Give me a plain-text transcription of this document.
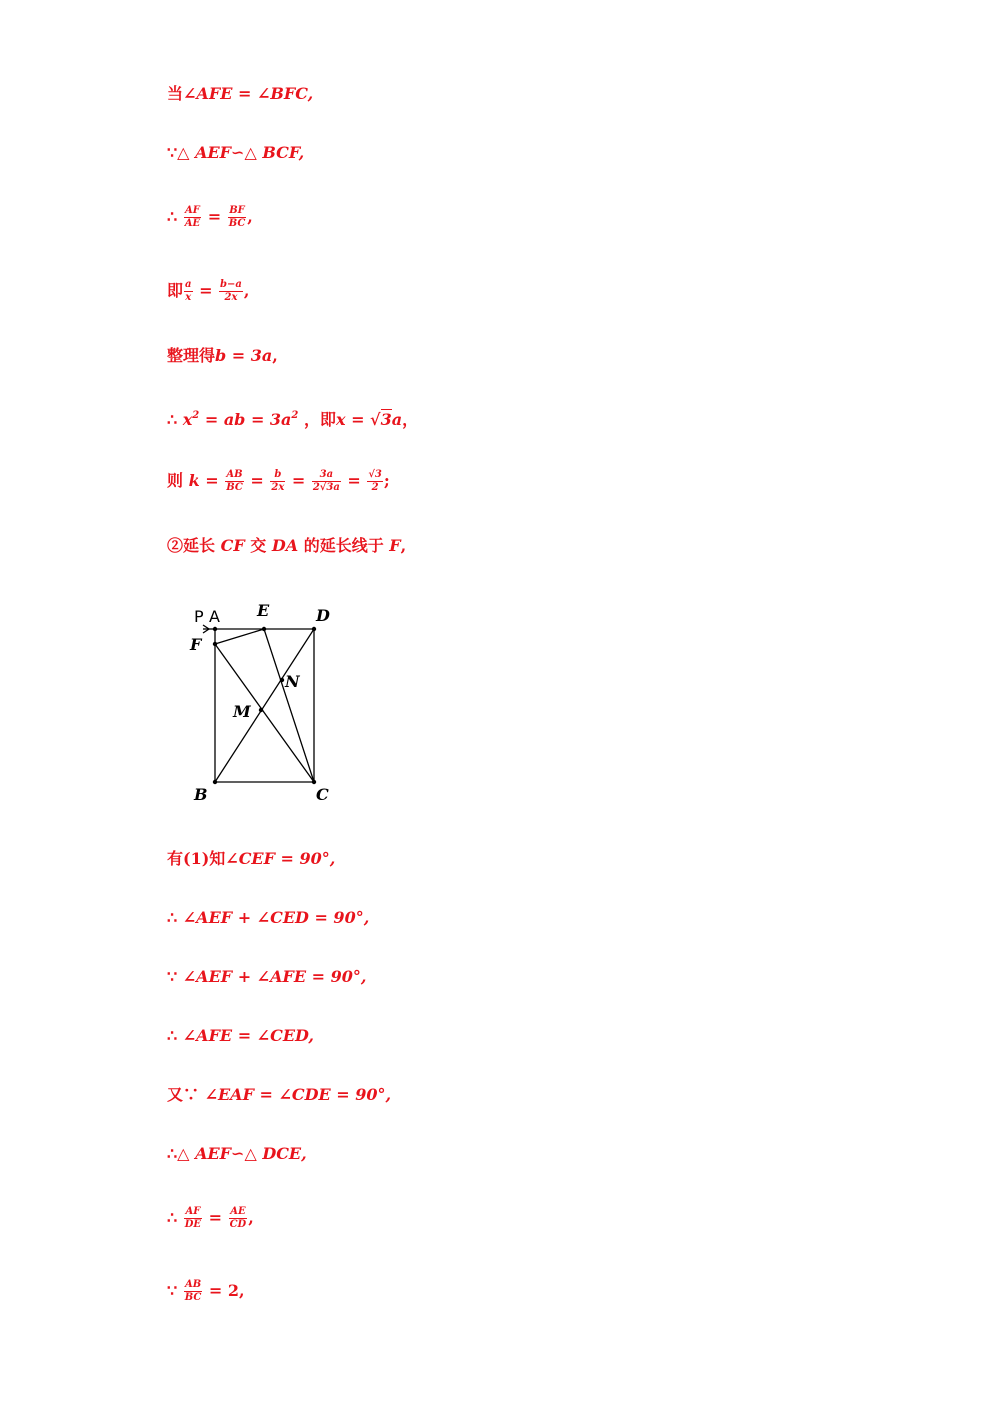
当∠AFE = ∠BFC,
∵△ AEF∽△ BCF,
∴ $\frac{AF}{AE} = \frac{BF}{BC}$ ,
即 $\frac{a}{x} = \frac{b-a}{2x}$ ,
整理得b = 3a,
∴ $x^2$ = ab = $3a^2$ ，即x = √3a，
则 $k = \frac{AB}{BC} = \frac{b}{2x} = \frac{3a}{2√3a} = \frac{√3}{2}$ ;
②延长 CF 交 DA 的延长线于 F,
P A E	D
F
N
M
B	C
有(1)知∠CEF = 90°,
∴ ∠AEF + ∠CED = 90°,
∵ ∠AEF + ∠AFE = 90°,
∴ ∠AFE = ∠CED,
又∵ ∠EAF = ∠CDE = 90°,
∴△ AEF∽△ DCE,
∴ $\frac{AF}{DE} = \frac{AE}{CD}$ ,
∵ $\frac{AB}{BC} = 2$,
